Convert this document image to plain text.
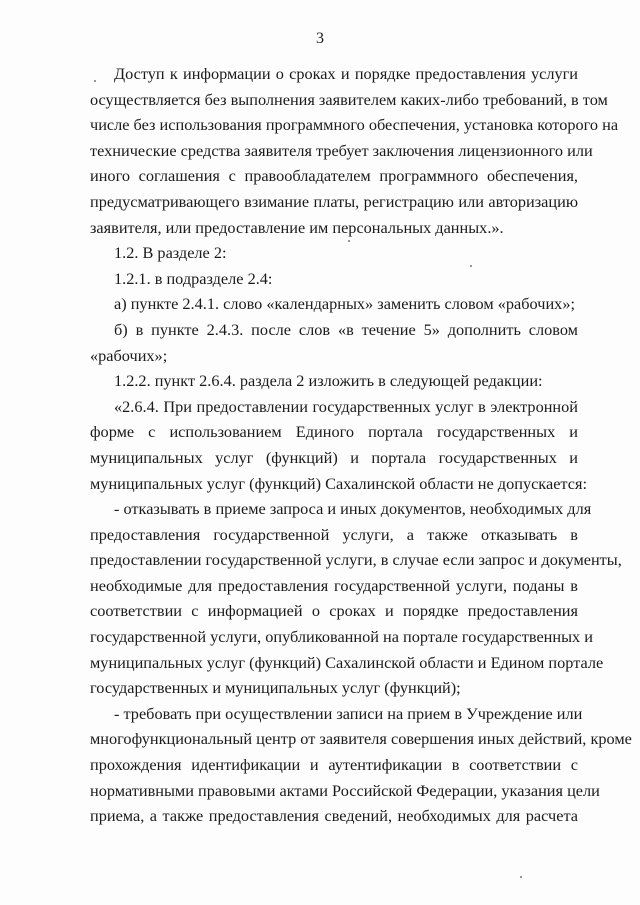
3
Доступ к информации о сроках и порядке предоставления услуги
осуществляется без выполнения заявителем каких-либо требований, в том
числе без использования программного обеспечения, установка которого на
технические средства заявителя требует заключения лицензионного или
иного соглашения с правообладателем программного обеспечения,
предусматривающего взимание платы, регистрацию или авторизацию
заявителя, или предоставление им персональных данных.».

1.2. В разделе 2:

1.2.1. в подразделе 2.4:

а) пункте 2.4.1. слово «календарных» заменить словом «рабочих»;

б) в пункте 2.4.3. после слов «в течение 5» дополнить словом
«рабочих»;

1.2.2. пункт 2.6.4. раздела 2 изложить в следующей редакции:

«2.6.4. При предоставлении государственных услуг в электронной
форме с использованием Единого портала государственных и
муниципальных услуг (функций) и портала государственных и
муниципальных услуг (функций) Сахалинской области не допускается:
- отказывать в приеме запроса и иных документов, необходимых для
предоставления государственной услуги, а также отказывать в
предоставлении государственной услуги, в случае если запрос и документы,
необходимые для предоставления государственной услуги, поданы в
соответствии с информацией о сроках и порядке предоставления
государственной услуги, опубликованной на портале государственных и
муниципальных услуг (функций) Сахалинской области и Едином портале
государственных и муниципальных услуг (функций);
- требовать при осуществлении записи на прием в Учреждение или
многофункциональный центр от заявителя совершения иных действий, кроме
прохождения идентификации и аутентификации в соответствии с
нормативными правовыми актами Российской Федерации, указания цели
приема, а также предоставления сведений, необходимых для расчета
